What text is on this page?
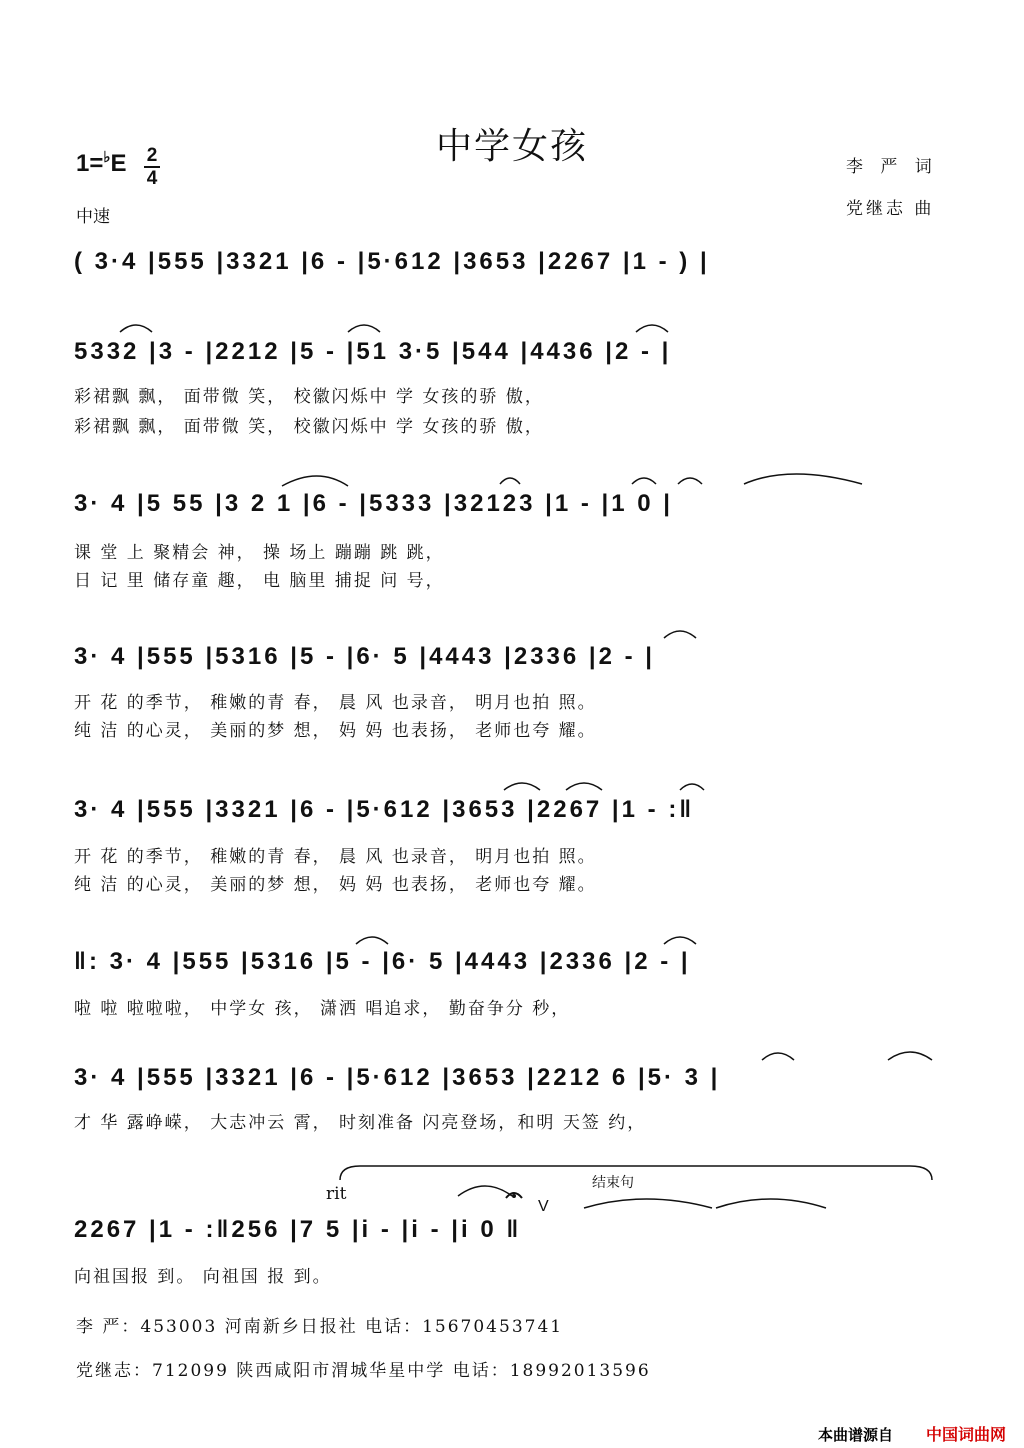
中学女孩
1=♭E 2
4
中速
李 严 词
党继志 曲
( 3·4 |555 |3321 |6 - |5·612 |3653 |2267 |1 - ) |
5332 |3 - |2212 |5 - |51 3·5 |544 |4436 |2 - |
彩裙飘 飘， 面带微 笑， 校徽闪烁中 学 女孩的骄 傲，
彩裙飘 飘， 面带微 笑， 校徽闪烁中 学 女孩的骄 傲，
3· 4 |5 55 |3 2 1 |6 - |5333 |32123 |1 - |1 0 |
课 堂 上 聚精会 神， 操 场上 蹦蹦 跳 跳，
日 记 里 储存童 趣， 电 脑里 捕捉 问 号，
3· 4 |555 |5316 |5 - |6· 5 |4443 |2336 |2 - |
开 花 的季节， 稚嫩的青 春， 晨 风 也录音， 明月也拍 照。
纯 洁 的心灵， 美丽的梦 想， 妈 妈 也表扬， 老师也夸 耀。
3· 4 |555 |3321 |6 - |5·612 |3653 |2267 |1 - :‖
开 花 的季节， 稚嫩的青 春， 晨 风 也录音， 明月也拍 照。
纯 洁 的心灵， 美丽的梦 想， 妈 妈 也表扬， 老师也夸 耀。
‖: 3· 4 |555 |5316 |5 - |6· 5 |4443 |2336 |2 - |
啦 啦 啦啦啦， 中学女 孩， 潇洒 唱追求， 勤奋争分 秒，
3· 4 |555 |3321 |6 - |5·612 |3653 |2212 6 |5· 3 |
才 华 露峥嵘， 大志冲云 霄， 时刻准备 闪亮登场，和明 天签 约，
rit
结束句
V
2267 |1 - :‖256 |7 5 |i - |i - |i 0 ‖
向祖国报 到。 向祖国 报 到。
李 严：453003 河南新乡日报社 电话：15670453741
党继志：712099 陕西咸阳市渭城华星中学 电话：18992013596
本曲谱源自 中国词曲网
